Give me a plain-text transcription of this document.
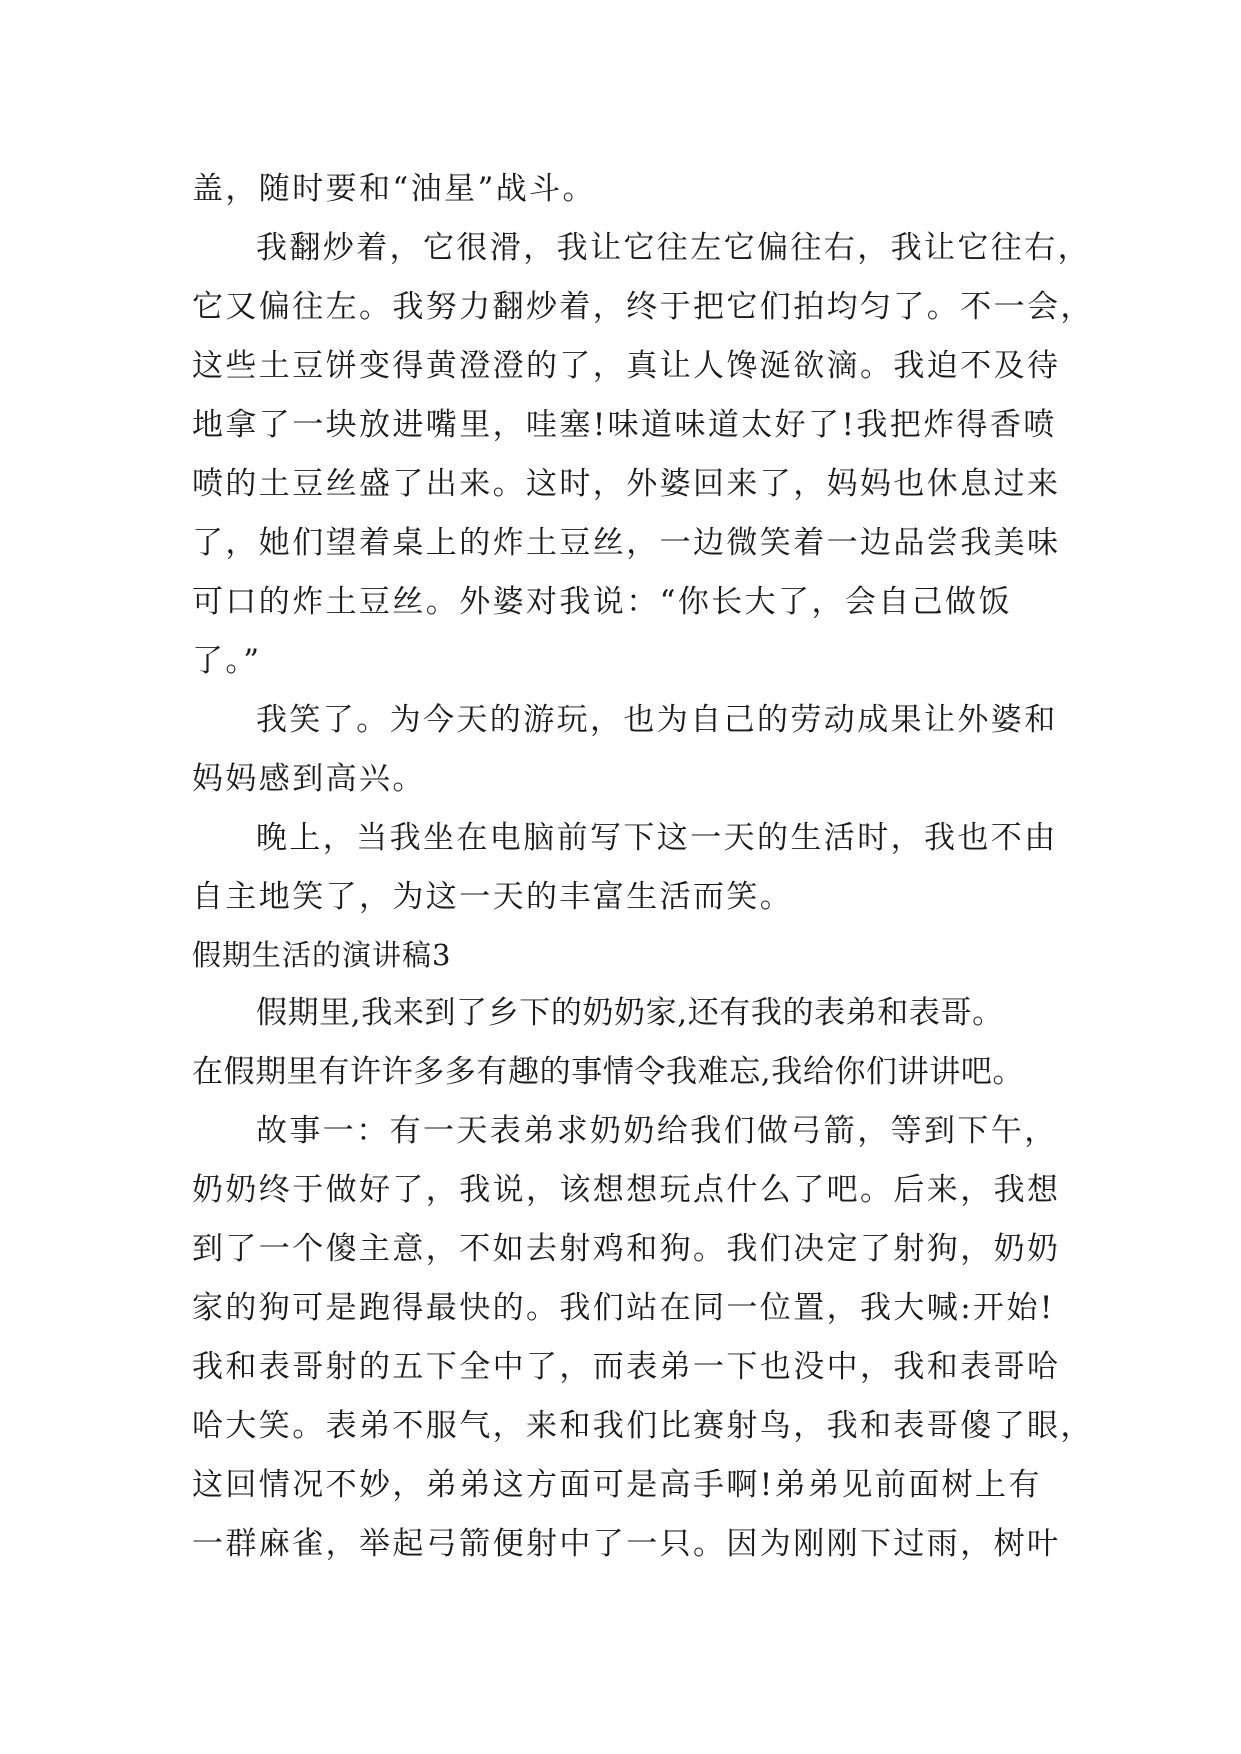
盖，随时要和“油星”战斗。
我翻炒着，它很滑，我让它往左它偏往右，我让它往右，
它又偏往左。我努力翻炒着，终于把它们拍均匀了。不一会，
这些土豆饼变得黄澄澄的了，真让人馋涎欲滴。我迫不及待
地拿了一块放进嘴里，哇塞!味道味道太好了!我把炸得香喷
喷的土豆丝盛了出来。这时，外婆回来了，妈妈也休息过来
了，她们望着桌上的炸土豆丝，一边微笑着一边品尝我美味
可口的炸土豆丝。外婆对我说：“你长大了，会自己做饭
了。”
我笑了。为今天的游玩，也为自己的劳动成果让外婆和
妈妈感到高兴。
晚上，当我坐在电脑前写下这一天的生活时，我也不由
自主地笑了，为这一天的丰富生活而笑。
假期生活的演讲稿3
假期里,我来到了乡下的奶奶家,还有我的表弟和表哥。
在假期里有许许多多有趣的事情令我难忘,我给你们讲讲吧。
故事一：有一天表弟求奶奶给我们做弓箭，等到下午，
奶奶终于做好了，我说，该想想玩点什么了吧。后来，我想
到了一个傻主意，不如去射鸡和狗。我们决定了射狗，奶奶
家的狗可是跑得最快的。我们站在同一位置，我大喊:开始!
我和表哥射的五下全中了，而表弟一下也没中，我和表哥哈
哈大笑。表弟不服气，来和我们比赛射鸟，我和表哥傻了眼，
这回情况不妙，弟弟这方面可是高手啊!弟弟见前面树上有
一群麻雀，举起弓箭便射中了一只。因为刚刚下过雨，树叶
